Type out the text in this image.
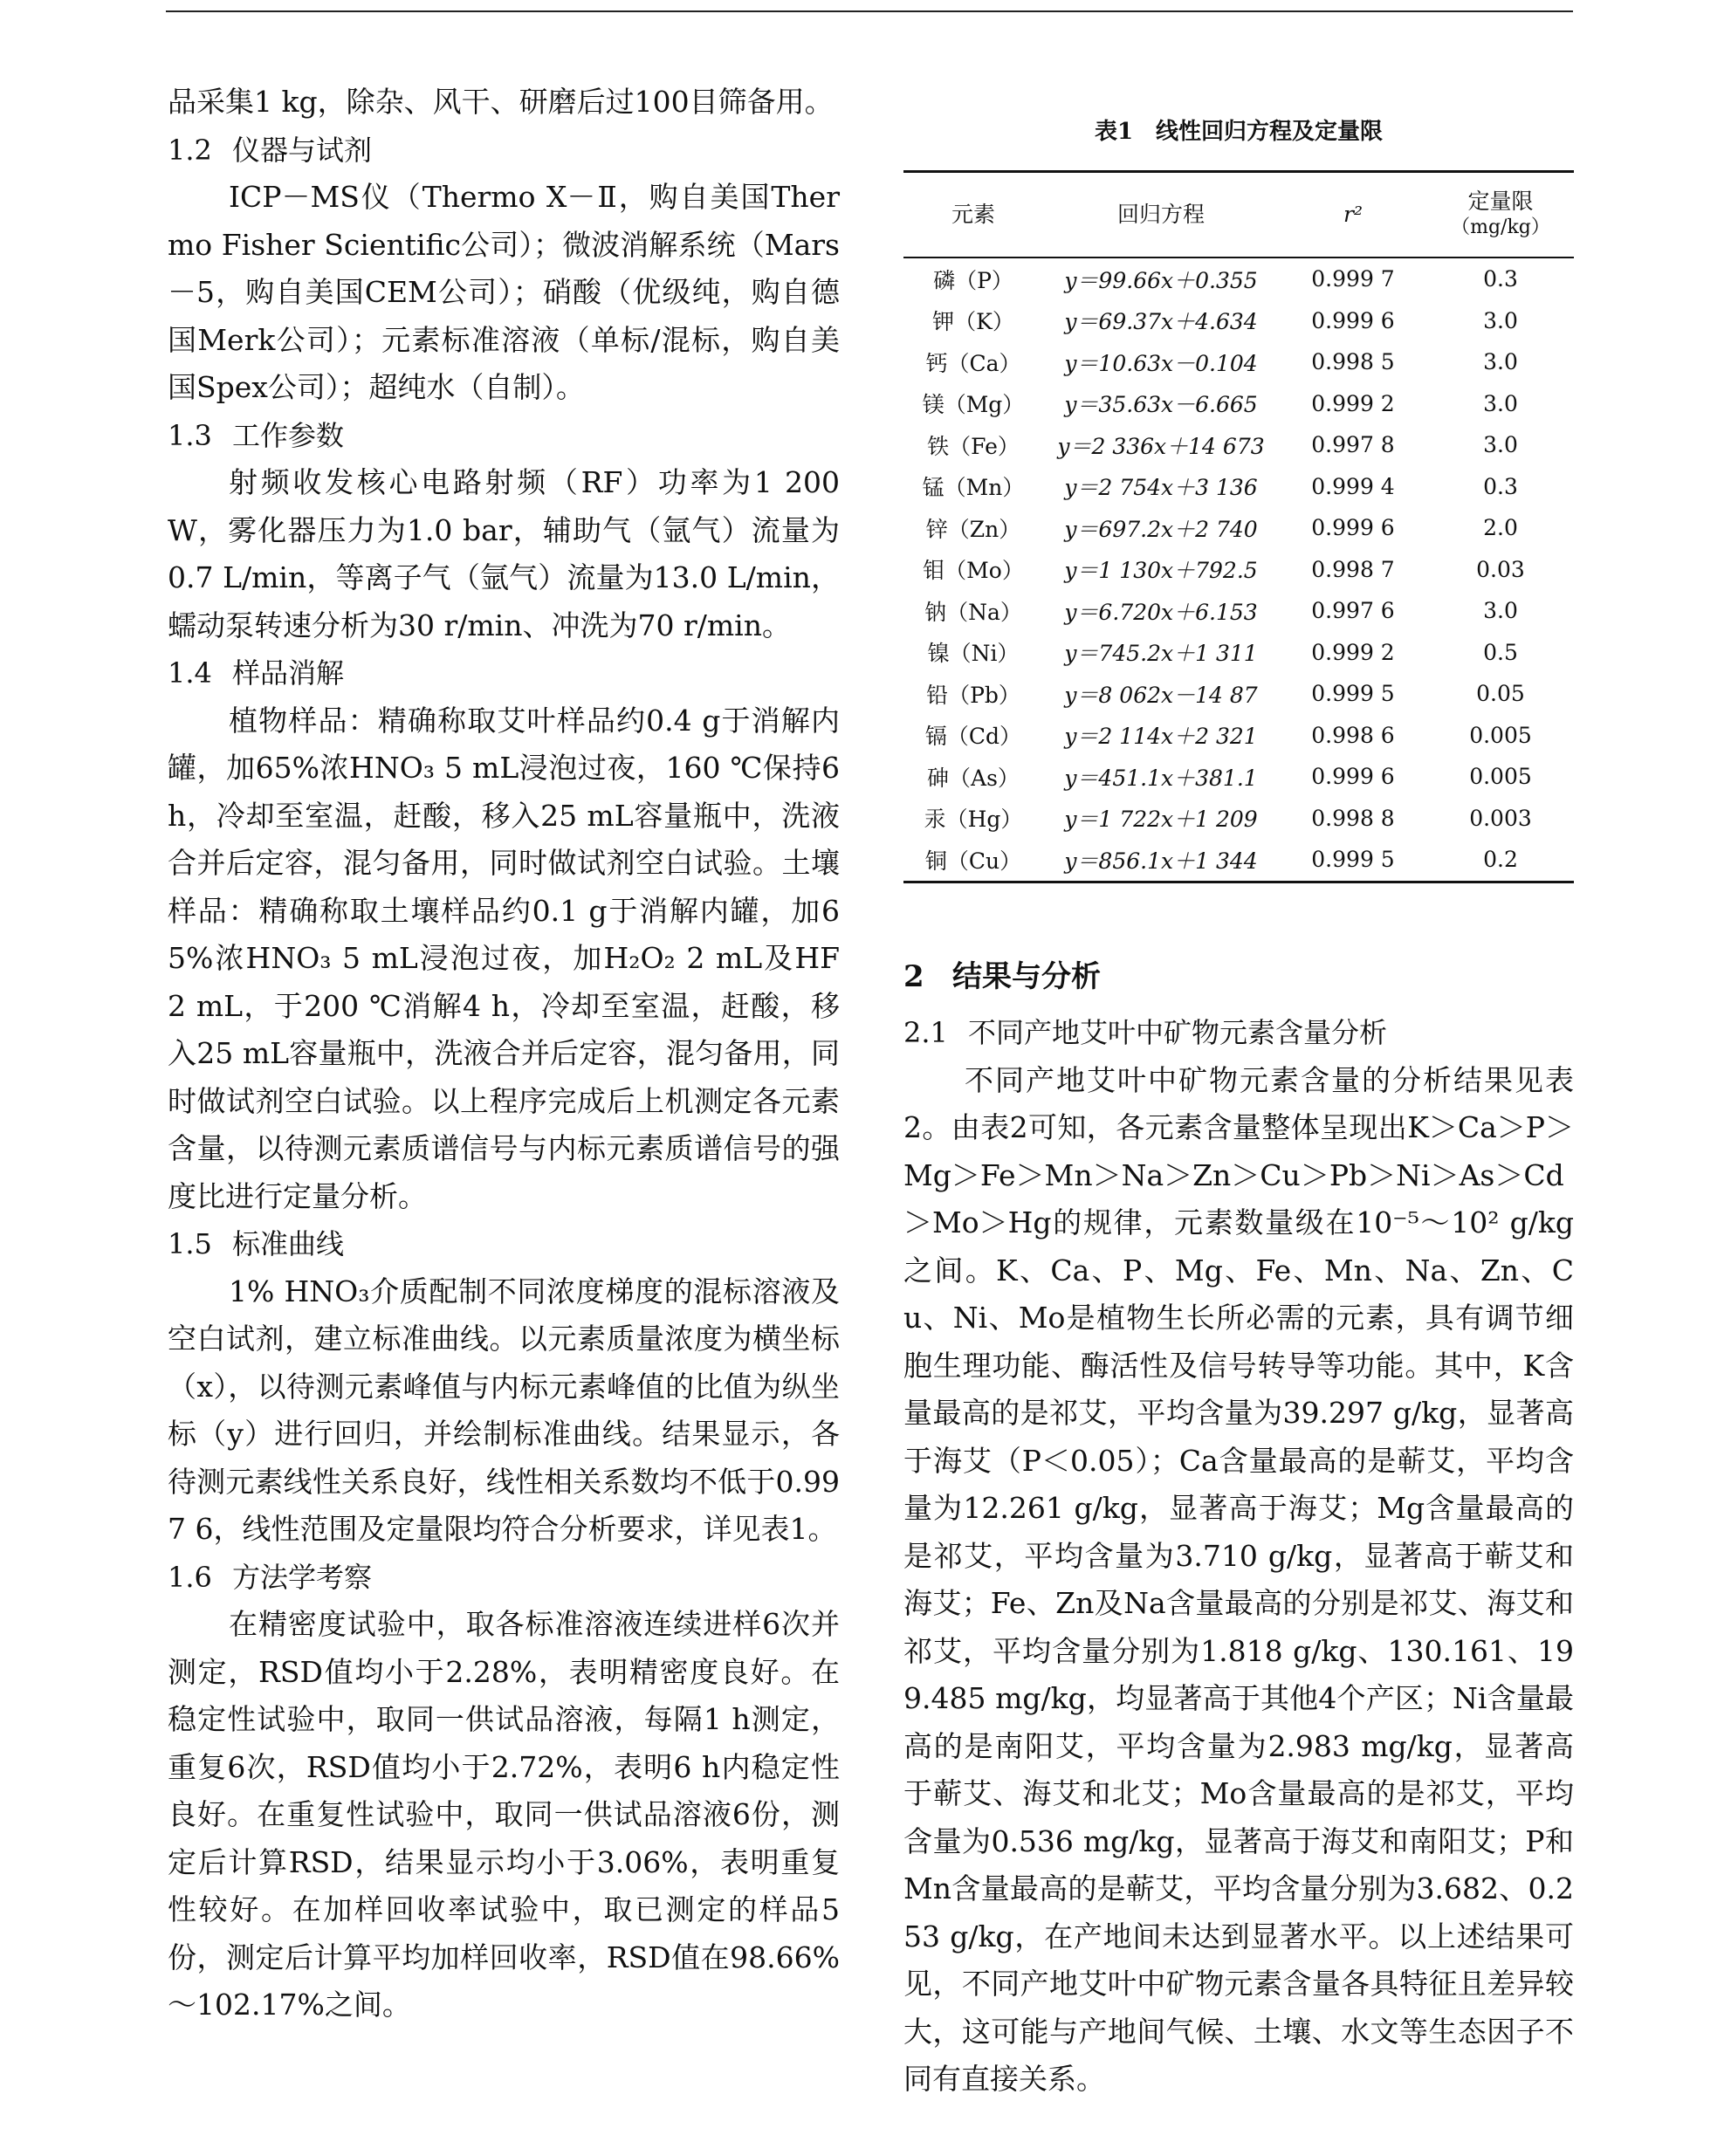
品采集1 kg，除杂、风干、研磨后过100目筛备用。

1.2 仪器与试剂

ICP－MS仪（Thermo X－Ⅱ，购自美国Thermo Fisher Scientific公司）；微波消解系统（Mars－5，购自美国CEM公司）；硝酸（优级纯，购自德国Merk公司）；元素标准溶液（单标/混标，购自美国Spex公司）；超纯水（自制）。

1.3 工作参数

射频收发核心电路射频（RF）功率为1 200 W，雾化器压力为1.0 bar，辅助气（氩气）流量为0.7 L/min，等离子气（氩气）流量为13.0 L/min，蠕动泵转速分析为30 r/min、冲洗为70 r/min。

1.4 样品消解

植物样品：精确称取艾叶样品约0.4 g于消解内罐，加65%浓HNO₃ 5 mL浸泡过夜，160 ℃保持6 h，冷却至室温，赶酸，移入25 mL容量瓶中，洗液合并后定容，混匀备用，同时做试剂空白试验。土壤样品：精确称取土壤样品约0.1 g于消解内罐，加65%浓HNO₃ 5 mL浸泡过夜，加H₂O₂ 2 mL及HF 2 mL，于200 ℃消解4 h，冷却至室温，赶酸，移入25 mL容量瓶中，洗液合并后定容，混匀备用，同时做试剂空白试验。以上程序完成后上机测定各元素含量，以待测元素质谱信号与内标元素质谱信号的强度比进行定量分析。

1.5 标准曲线

1% HNO₃介质配制不同浓度梯度的混标溶液及空白试剂，建立标准曲线。以元素质量浓度为横坐标（x），以待测元素峰值与内标元素峰值的比值为纵坐标（y）进行回归，并绘制标准曲线。结果显示，各待测元素线性关系良好，线性相关系数均不低于0.997 6，线性范围及定量限均符合分析要求，详见表1。

1.6 方法学考察

在精密度试验中，取各标准溶液连续进样6次并测定，RSD值均小于2.28%，表明精密度良好。在稳定性试验中，取同一供试品溶液，每隔1 h测定，重复6次，RSD值均小于2.72%，表明6 h内稳定性良好。在重复性试验中，取同一供试品溶液6份，测定后计算RSD，结果显示均小于3.06%，表明重复性较好。在加样回收率试验中，取已测定的样品5份，测定后计算平均加样回收率，RSD值在98.66%～102.17%之间。

表1　线性回归方程及定量限

元素	回归方程	r²	定量限
（mg/kg）

磷（P）	y＝99.66x＋0.355	0.999 7	0.3
钾（K）	y＝69.37x＋4.634	0.999 6	3.0
钙（Ca）	y＝10.63x－0.104	0.998 5	3.0
镁（Mg）	y＝35.63x－6.665	0.999 2	3.0
铁（Fe）	y＝2 336x＋14 673	0.997 8	3.0
锰（Mn）	y＝2 754x＋3 136	0.999 4	0.3
锌（Zn）	y＝697.2x＋2 740	0.999 6	2.0
钼（Mo）	y＝1 130x＋792.5	0.998 7	0.03
钠（Na）	y＝6.720x＋6.153	0.997 6	3.0
镍（Ni）	y＝745.2x＋1 311	0.999 2	0.5
铅（Pb）	y＝8 062x－14 87	0.999 5	0.05
镉（Cd）	y＝2 114x＋2 321	0.998 6	0.005
砷（As）	y＝451.1x＋381.1	0.999 6	0.005
汞（Hg）	y＝1 722x＋1 209	0.998 8	0.003
铜（Cu）	y＝856.1x＋1 344	0.999 5	0.2
2 结果与分析
2.1 不同产地艾叶中矿物元素含量分析

不同产地艾叶中矿物元素含量的分析结果见表2。由表2可知，各元素含量整体呈现出K＞Ca＞P＞Mg＞Fe＞Mn＞Na＞Zn＞Cu＞Pb＞Ni＞As＞Cd＞Mo＞Hg的规律，元素数量级在10⁻⁵～10² g/kg之间。K、Ca、P、Mg、Fe、Mn、Na、Zn、Cu、Ni、Mo是植物生长所必需的元素，具有调节细胞生理功能、酶活性及信号转导等功能。其中，K含量最高的是祁艾，平均含量为39.297 g/kg，显著高于海艾（P＜0.05）；Ca含量最高的是蕲艾，平均含量为12.261 g/kg，显著高于海艾；Mg含量最高的是祁艾，平均含量为3.710 g/kg，显著高于蕲艾和海艾；Fe、Zn及Na含量最高的分别是祁艾、海艾和祁艾，平均含量分别为1.818 g/kg、130.161、199.485 mg/kg，均显著高于其他4个产区；Ni含量最高的是南阳艾，平均含量为2.983 mg/kg，显著高于蕲艾、海艾和北艾；Mo含量最高的是祁艾，平均含量为0.536 mg/kg，显著高于海艾和南阳艾；P和Mn含量最高的是蕲艾，平均含量分别为3.682、0.253 g/kg，在产地间未达到显著水平。以上述结果可见，不同产地艾叶中矿物元素含量各具特征且差异较大，这可能与产地间气候、土壤、水文等生态因子不同有直接关系。
